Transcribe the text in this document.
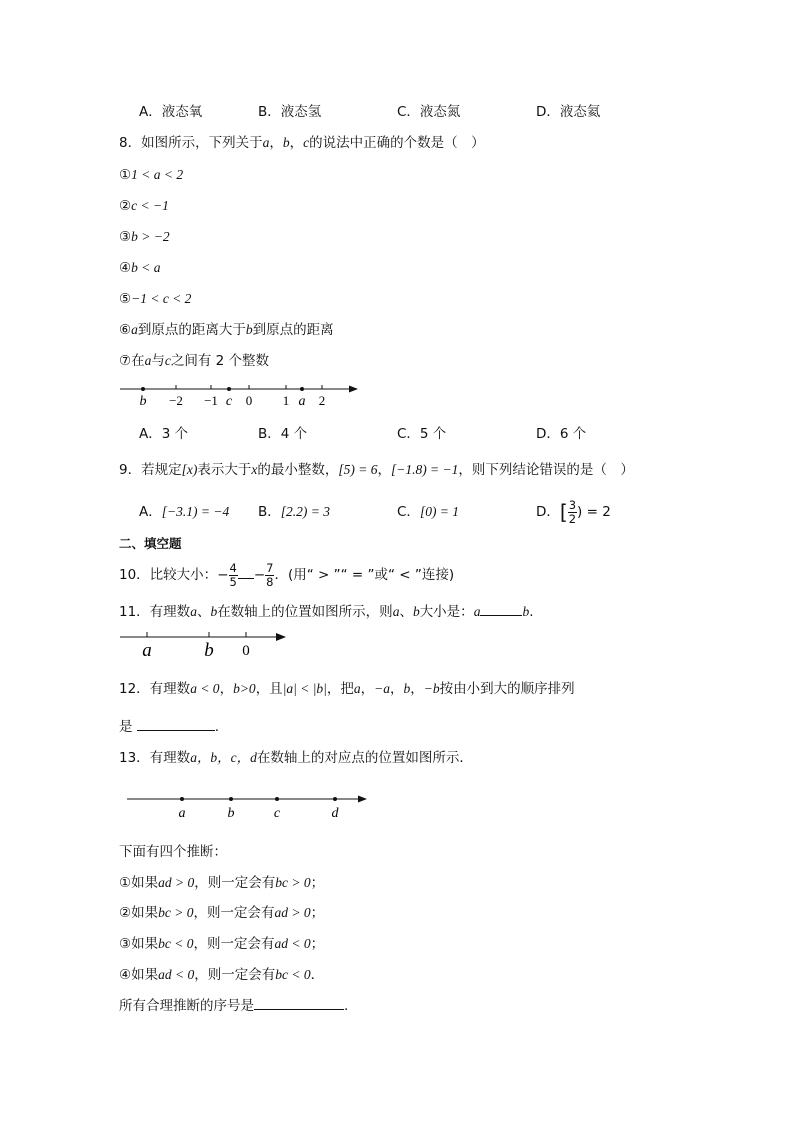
A．液态氧	B．液态氢	C．液态氮	D．液态氦
8．如图所示，下列关于a，b，c的说法中正确的个数是（　）
①1 < a < 2
②c < −1
③b > −2
④b < a
⑤−1 < c < 2
⑥a到原点的距离大于b到原点的距离
⑦在a与c之间有 2 个整数
b −2 −1 c 0 1 a 2
A．3 个	B．4 个	C．5 个	D．6 个
9．若规定[x)表示大于x的最小整数，[5) = 6，[−1.8) = −1，则下列结论错误的是（　）
A．[−3.1) = −4 B．[2.2) = 3	C．[0) = 1	D．[ $\frac{3}{2}$ ) = 2
二、填空题
10．比较大小：− $\frac{4}{5} - \frac{7}{8}$ ．(用“ > ”“ = ”或“ < ”连接)
11．有理数a、b在数轴上的位置如图所示，则a、b大小是：a	b.
a	b 0
12．有理数a < 0，b>0，且|a| < |b|，把a，−a，b，−b按由小到大的顺序排列
是	.
13．有理数a，b，c，d在数轴上的对应点的位置如图所示．
a	b	c	d
下面有四个推断：
①如果ad > 0，则一定会有bc > 0；
②如果bc > 0，则一定会有ad > 0；
③如果bc < 0，则一定会有ad < 0；
④如果ad < 0，则一定会有bc < 0．
所有合理推断的序号是	.
